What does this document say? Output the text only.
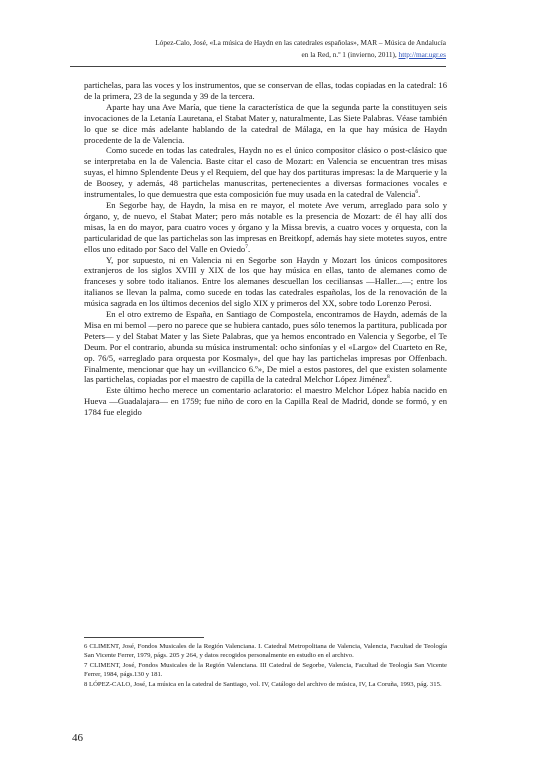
López-Calo, José, «La música de Haydn en las catedrales españolas», MAR – Música de Andalucía
en la Red, n.º 1 (invierno, 2011), http://mar.ugr.es

partichelas, para las voces y los instrumentos, que se conservan de ellas, todas copiadas en la catedral: 16 de la primera, 23 de la segunda y 39 de la tercera.

Aparte hay una Ave María, que tiene la característica de que la segunda parte la constituyen seis invocaciones de la Letanía Lauretana, el Stabat Mater y, naturalmente, Las Siete Palabras. Véase también lo que se dice más adelante hablando de la catedral de Málaga, en la que hay música de Haydn procedente de la de Valencia.

Como sucede en todas las catedrales, Haydn no es el único compositor clásico o post-clásico que se interpretaba en la de Valencia. Baste citar el caso de Mozart: en Valencia se encuentran tres misas suyas, el himno Splendente Deus y el Requiem, del que hay dos partituras impresas: la de Marquerie y la de Boosey, y además, 48 partichelas manuscritas, pertenecientes a diversas formaciones vocales e instrumentales, lo que demuestra que esta composición fue muy usada en la catedral de Valencia$^6$.

En Segorbe hay, de Haydn, la misa en re mayor, el motete Ave verum, arreglado para solo y órgano, y, de nuevo, el Stabat Mater; pero más notable es la presencia de Mozart: de él hay allí dos misas, la en do mayor, para cuatro voces y órgano y la Missa brevis, a cuatro voces y orquesta, con la particularidad de que las partichelas son las impresas en Breitkopf, además hay siete motetes suyos, entre ellos uno editado por Saco del Valle en Oviedo$^7$.

Y, por supuesto, ni en Valencia ni en Segorbe son Haydn y Mozart los únicos compositores extranjeros de los siglos XVIII y XIX de los que hay música en ellas, tanto de alemanes como de franceses y sobre todo italianos. Entre los alemanes descuellan los ceciliansas —Haller...—; entre los italianos se llevan la palma, como sucede en todas las catedrales españolas, los de la renovación de la música sagrada en los últimos decenios del siglo XIX y primeros del XX, sobre todo Lorenzo Perosi.

En el otro extremo de España, en Santiago de Compostela, encontramos de Haydn, además de la Misa en mi bemol —pero no parece que se hubiera cantado, pues sólo tenemos la partitura, publicada por Peters— y del Stabat Mater y las Siete Palabras, que ya hemos encontrado en Valencia y Segorbe, el Te Deum. Por el contrario, abunda su música instrumental: ocho sinfonías y el «Largo» del Cuarteto en Re, op. 76/5, «arreglado para orquesta por Kosmaly», del que hay las partichelas impresas por Offenbach. Finalmente, mencionar que hay un «villancico 6.º», De miel a estos pastores, del que existen solamente las partichelas, copiadas por el maestro de capilla de la catedral Melchor López Jiménez$^8$.

Este último hecho merece un comentario aclaratorio: el maestro Melchor López había nacido en Hueva —Guadalajara— en 1759; fue niño de coro en la Capilla Real de Madrid, donde se formó, y en 1784 fue elegido

6 CLIMENT, José, Fondos Musicales de la Región Valenciana. I. Catedral Metropolitana de Valencia, Valencia, Facultad de Teología San Vicente Ferrer, 1979, págs. 205 y 264, y datos recogidos personalmente en estudio en el archivo.

7 CLIMENT, José, Fondos Musicales de la Región Valenciana. III Catedral de Segorbe, Valencia, Facultad de Teología San Vicente Ferrer, 1984, págs.130 y 181.

8 LÓPEZ-CALO, José, La música en la catedral de Santiago, vol. IV, Catálogo del archivo de música, IV, La Coruña, 1993, pág. 315.

46
